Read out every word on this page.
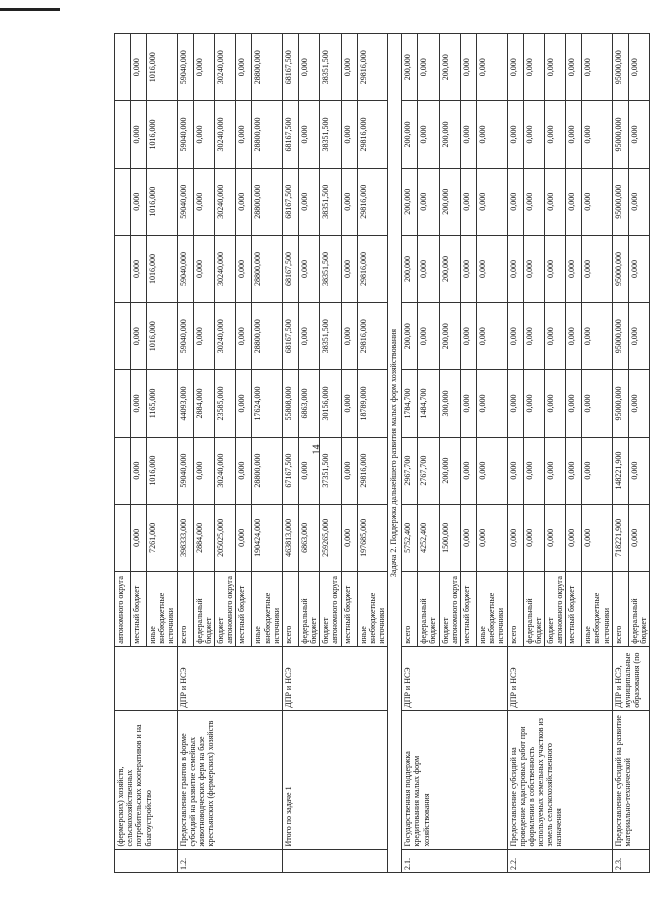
14
	(фермерских) хозяйств, сельскохозяйственных потребительских кооперативов и на благоустройство		автономного округа								
			местный бюджет	0,000	0,000	0,000	0,000	0,000	0,000	0,000	0,000
			иные внебюджетные источники	7261,000	1016,000	1165,000	1016,000	1016,000	1016,000	1016,000	1016,000
1.2.	Предоставление грантов в форме субсидий на развитие семейных животноводческих ферм на базе крестьянских (фермерских) хозяйств	ДПР и НСЭ	всего	398333,000	59040,000	44093,000	59040,000	59040,000	59040,000	59040,000	59040,000
			федеральный бюджет	2884,000	0,000	2884,000	0,000	0,000	0,000	0,000	0,000
			бюджет автономного округа	205025,000	30240,000	23585,000	30240,000	30240,000	30240,000	30240,000	30240,000
			местный бюджет	0,000	0,000	0,000	0,000	0,000	0,000	0,000	0,000
			иные внебюджетные источники	190424,000	28800,000	17624,000	28800,000	28800,000	28800,000	28800,000	28800,000
	Итого по задаче 1	ДПР и НСЭ	всего	463813,000	67167,500	55808,000	68167,500	68167,500	68167,500	68167,500	68167,500
			федеральный бюджет	6863,000	0,000	6863,000	0,000	0,000	0,000	0,000	0,000
			бюджет автономного округа	259265,000	37351,500	30156,000	38351,500	38351,500	38351,500	38351,500	38351,500
			местный бюджет	0,000	0,000	0,000	0,000	0,000	0,000	0,000	0,000
			иные внебюджетные источники	197685,000	29816,000	18789,000	29816,000	29816,000	29816,000	29816,000	29816,000
Задача 2. Поддержка дальнейшего развития малых форм хозяйствования											
2.1.	Государственная поддержка кредитования малых форм хозяйствования	ДПР и НСЭ	всего	5752,400	2967,700	1784,700	200,000	200,000	200,000	200,000	200,000
			федеральный бюджет	4252,400	2767,700	1484,700	0,000	0,000	0,000	0,000	0,000
			бюджет автономного округа	1500,000	200,000	300,000	200,000	200,000	200,000	200,000	200,000
			местный бюджет	0,000	0,000	0,000	0,000	0,000	0,000	0,000	0,000
			иные внебюджетные источники	0,000	0,000	0,000	0,000	0,000	0,000	0,000	0,000
2.2.	Предоставление субсидий на проведение кадастровых работ при оформлении в собственность используемых земельных участков из земель сельскохозяйственного назначения	ДПР и НСЭ	всего	0,000	0,000	0,000	0,000	0,000	0,000	0,000	0,000
			федеральный бюджет	0,000	0,000	0,000	0,000	0,000	0,000	0,000	0,000
			бюджет автономного округа	0,000	0,000	0,000	0,000	0,000	0,000	0,000	0,000
			местный бюджет	0,000	0,000	0,000	0,000	0,000	0,000	0,000	0,000
			иные внебюджетные источники	0,000	0,000	0,000	0,000	0,000	0,000	0,000	0,000
2.3.	Предоставление субсидий на развитие материально-технической	ДПР и НСЭ, муниципальные образования (по	всего	718221,900	148221,900	95000,000	95000,000	95000,000	95000,000	95000,000	95000,000
			федеральный бюджет	0,000	0,000	0,000	0,000	0,000	0,000	0,000	0,000
